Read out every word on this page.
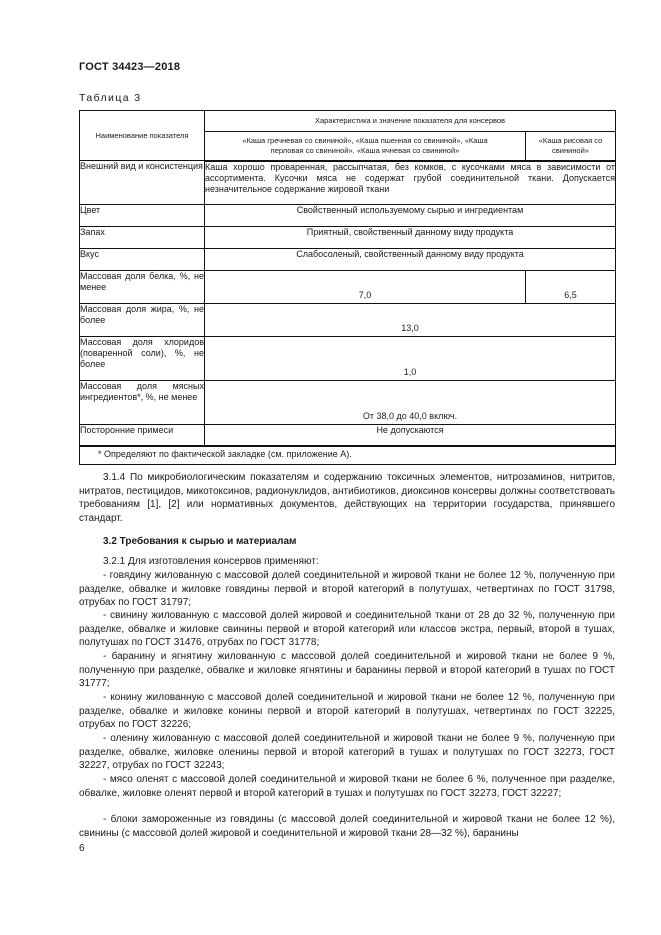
ГОСТ 34423—2018
Таблица 3
Наименование показателя	Характеристика и значение показателя для консервов	
	«Каша гречневая со свининой», «Каша пшенная со свининой», «Каша перловая со свининой», «Каша ячневая со свининой»	«Каша рисовая со свининой»
Внешний вид и консистенция	Каша хорошо проваренная, рассыпчатая, без комков, с кусочками мяса в зависимости от ассортимента. Кусочки мяса не содержат грубой соединительной ткани. Допускается незначительное содержание жировой ткани	
Цвет	Свойственный используемому сырью и ингредиентам	
Запах	Приятный, свойственный данному виду продукта	
Вкус	Слабосоленый, свойственный данному виду продукта	
Массовая доля белка, %, не менее	7,0	6,5
Массовая доля жира, %, не более	13,0	
Массовая доля хлоридов (поваренной соли), %, не более	1,0	
Массовая доля мясных ингредиентов*, %, не менее	От 38,0 до 40,0 включ.	
Посторонние примеси	Не допускаются	
* Определяют по фактической закладке (см. приложение А).		
3.1.4 По микробиологическим показателям и содержанию токсичных элементов, нитрозаминов, нитритов, нитратов, пестицидов, микотоксинов, радионуклидов, антибиотиков, диоксинов консервы должны соответствовать требованиям [1], [2] или нормативных документов, действующих на территории государства, принявшего стандарт.
3.2 Требования к сырью и материалам
3.2.1 Для изготовления консервов применяют:
- говядину жилованную с массовой долей соединительной и жировой ткани не более 12 %, полученную при разделке, обвалке и жиловке говядины первой и второй категорий в полутушах, четвертинах по ГОСТ 31798, отрубах по ГОСТ 31797;
- свинину жилованную с массовой долей жировой и соединительной ткани от 28 до 32 %, полученную при разделке, обвалке и жиловке свинины первой и второй категорий или классов экстра, первый, второй в тушах, полутушах по ГОСТ 31476, отрубах по ГОСТ 31778;
- баранину и ягнятину жилованную с массовой долей соединительной и жировой ткани не более 9 %, полученную при разделке, обвалке и жиловке ягнятины и баранины первой и второй категорий в тушах по ГОСТ 31777;
- конину жилованную с массовой долей соединительной и жировой ткани не более 12 %, полученную при разделке, обвалке и жиловке конины первой и второй категорий в полутушах, четвертинах по ГОСТ 32225, отрубах по ГОСТ 32226;
- оленину жилованную с массовой долей соединительной и жировой ткани не более 9 %, полученную при разделке, обвалке, жиловке оленины первой и второй категорий в тушах и полутушах по ГОСТ 32273, ГОСТ 32227, отрубах по ГОСТ 32243;
- мясо оленят с массовой долей соединительной и жировой ткани не более 6 %, полученное при разделке, обвалке, жиловке оленят первой и второй категорий в тушах и полутушах по ГОСТ 32273, ГОСТ 32227;
- блоки замороженные из говядины (с массовой долей соединительной и жировой ткани не более 12 %), свинины (с массовой долей жировой и соединительной и жировой ткани 28—32 %), баранины
6
